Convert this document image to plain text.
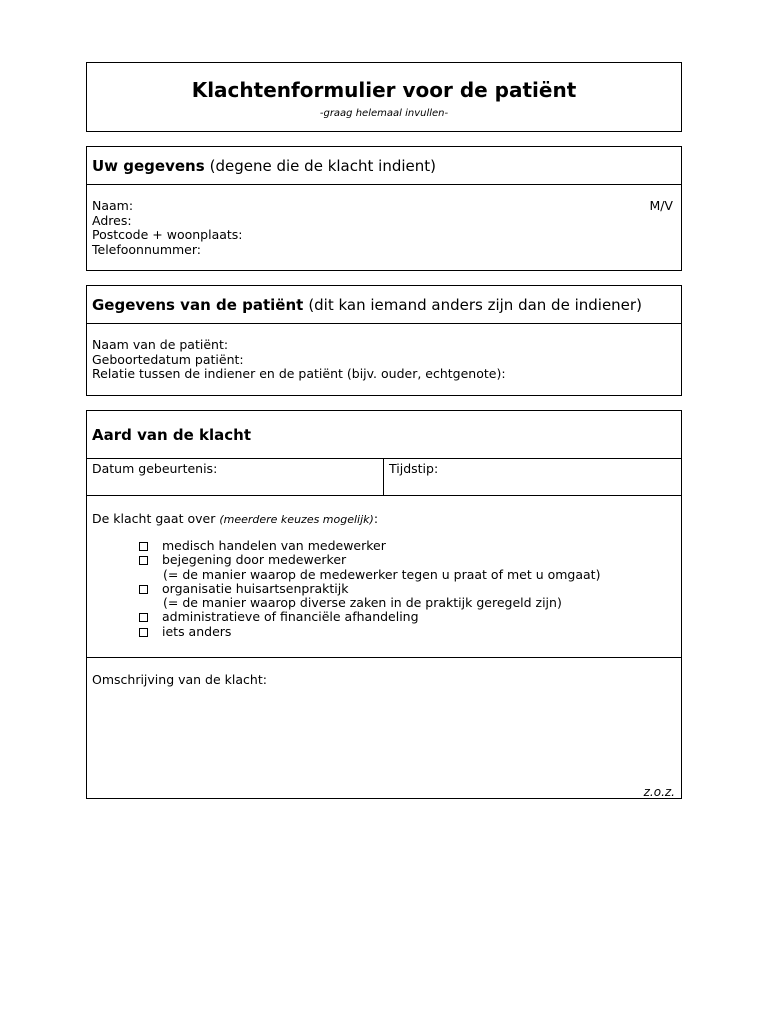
Klachtenformulier voor de patiënt
-graag helemaal invullen-
Uw gegevens (degene die de klacht indient)
Naam:
Adres:
Postcode + woonplaats:
Telefoonnummer:
M/V
Gegevens van de patiënt (dit kan iemand anders zijn dan de indiener)
Naam van de patiënt:
Geboortedatum patiënt:
Relatie tussen de indiener en de patiënt (bijv. ouder, echtgenote):
Aard van de klacht
Datum gebeurtenis:	Tijdstip:
De klacht gaat over (meerdere keuzes mogelijk):
medisch handelen van medewerker
bejegening door medewerker
(= de manier waarop de medewerker tegen u praat of met u omgaat)
organisatie huisartsenpraktijk
(= de manier waarop diverse zaken in de praktijk geregeld zijn)
administratieve of financiële afhandeling
iets anders
Omschrijving van de klacht:
z.o.z.
